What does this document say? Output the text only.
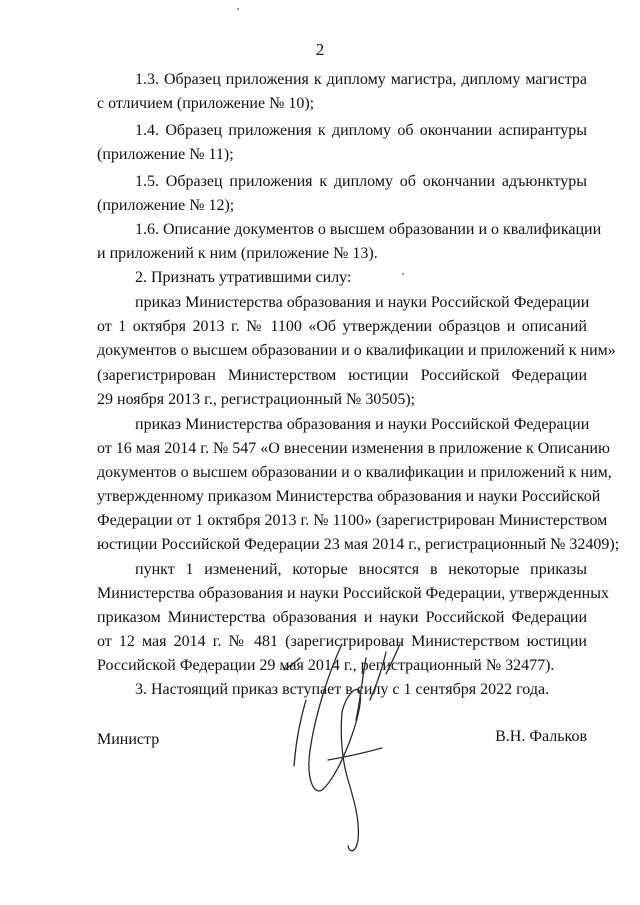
2
1.3. Образец приложения к диплому магистра, диплому магистра
с отличием (приложение № 10);
1.4. Образец приложения к диплому об окончании аспирантуры
(приложение № 11);
1.5. Образец приложения к диплому об окончании адъюнктуры
(приложение № 12);
1.6. Описание документов о высшем образовании и о квалификации
и приложений к ним (приложение № 13).
2. Признать утратившими силу:
приказ Министерства образования и науки Российской Федерации
от 1 октября 2013 г. № 1100 «Об утверждении образцов и описаний
документов о высшем образовании и о квалификации и приложений к ним»
(зарегистрирован Министерством юстиции Российской Федерации
29 ноября 2013 г., регистрационный № 30505);
приказ Министерства образования и науки Российской Федерации
от 16 мая 2014 г. № 547 «О внесении изменения в приложение к Описанию
документов о высшем образовании и о квалификации и приложений к ним,
утвержденному приказом Министерства образования и науки Российской
Федерации от 1 октября 2013 г. № 1100» (зарегистрирован Министерством
юстиции Российской Федерации 23 мая 2014 г., регистрационный № 32409);
пункт 1 изменений, которые вносятся в некоторые приказы
Министерства образования и науки Российской Федерации, утвержденных
приказом Министерства образования и науки Российской Федерации
от 12 мая 2014 г. № 481 (зарегистрирован Министерством юстиции
Российской Федерации 29 мая 2014 г., регистрационный № 32477).
3. Настоящий приказ вступает в силу с 1 сентября 2022 года.
Министр	В.Н. Фальков
